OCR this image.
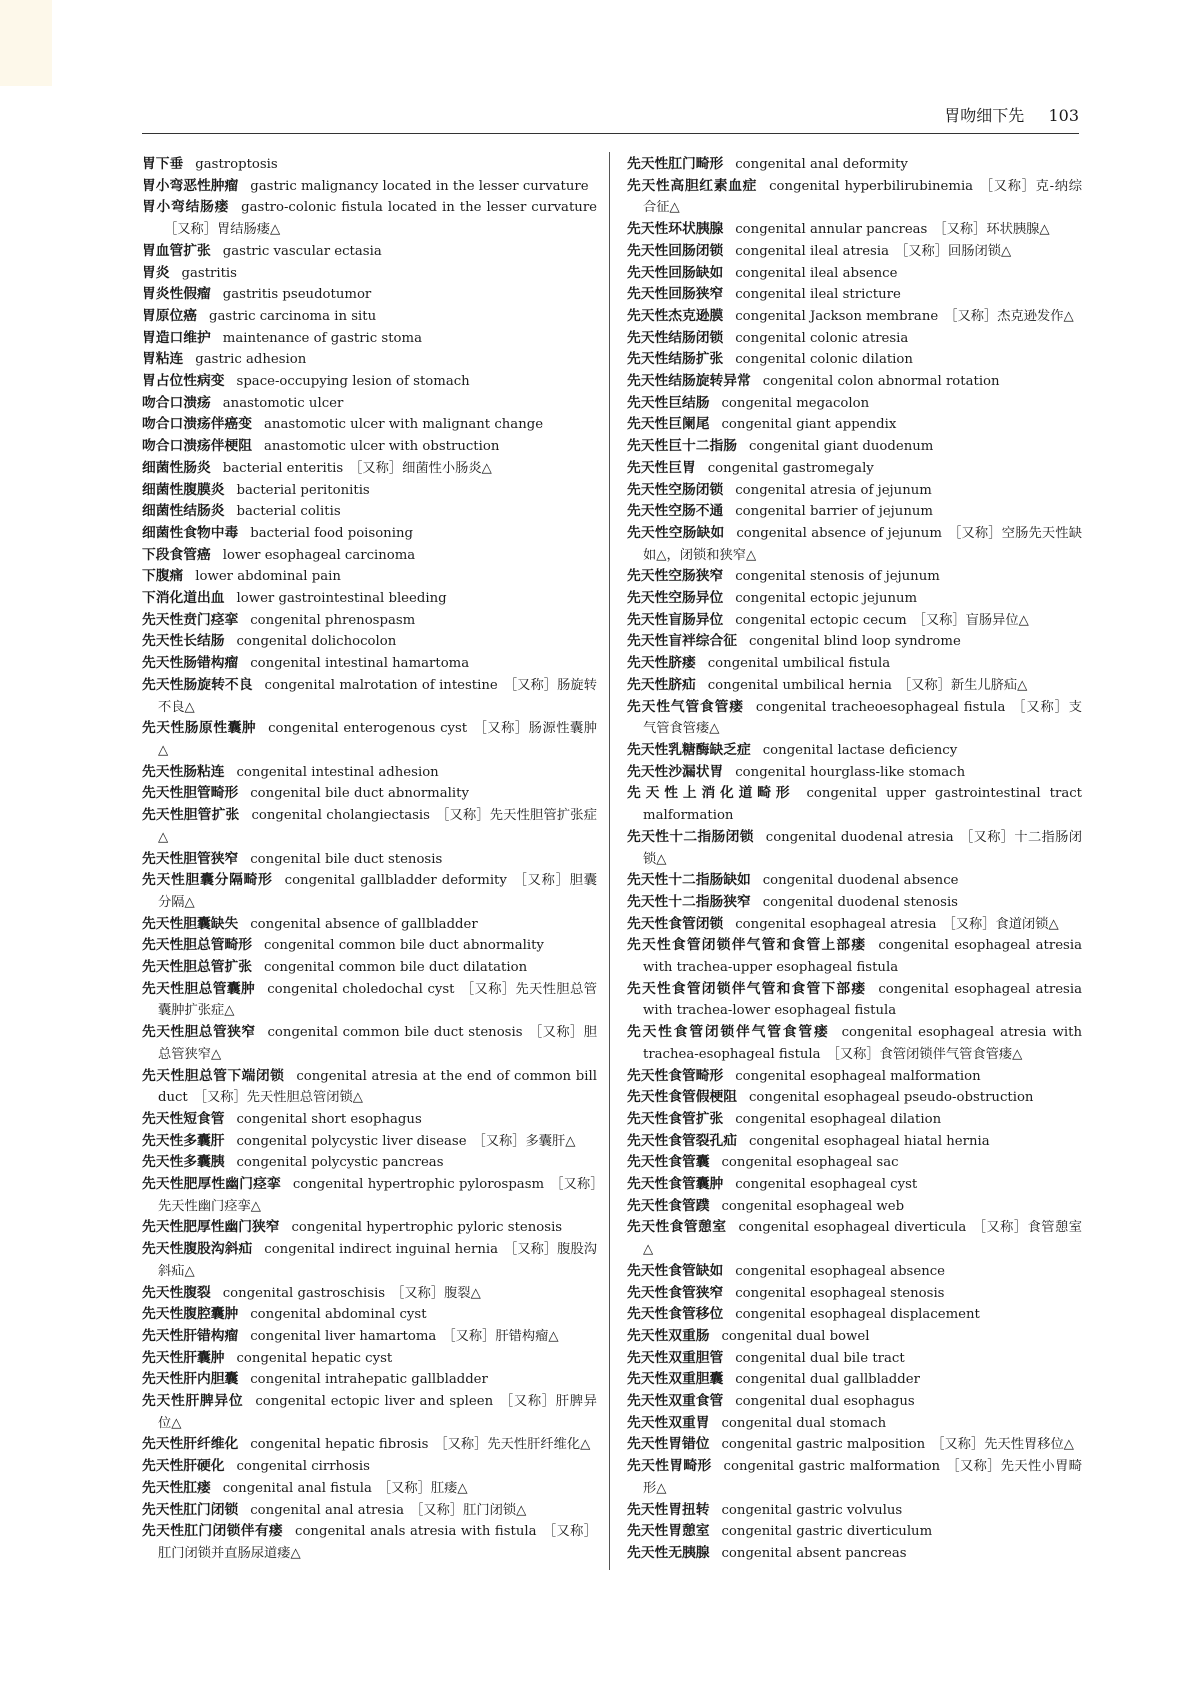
胃吻细下先 103
胃下垂 gastroptosis
胃小弯恶性肿瘤 gastric malignancy located in the lesser curvature
胃小弯结肠瘘 gastro-colonic fistula located in the lesser curvature［又称］胃结肠瘘△
胃血管扩张 gastric vascular ectasia
胃炎 gastritis
胃炎性假瘤 gastritis pseudotumor
胃原位癌 gastric carcinoma in situ
胃造口维护 maintenance of gastric stoma
胃粘连 gastric adhesion
胃占位性病变 space-occupying lesion of stomach
吻合口溃疡 anastomotic ulcer
吻合口溃疡伴癌变 anastomotic ulcer with malignant change
吻合口溃疡伴梗阻 anastomotic ulcer with obstruction
细菌性肠炎 bacterial enteritis ［又称］细菌性小肠炎△
细菌性腹膜炎 bacterial peritonitis
细菌性结肠炎 bacterial colitis
细菌性食物中毒 bacterial food poisoning
下段食管癌 lower esophageal carcinoma
下腹痛 lower abdominal pain
下消化道出血 lower gastrointestinal bleeding
先天性贲门痉挛 congenital phrenospasm
先天性长结肠 congenital dolichocolon
先天性肠错构瘤 congenital intestinal hamartoma
先天性肠旋转不良 congenital malrotation of intestine ［又称］肠旋转不良△
先天性肠原性囊肿 congenital enterogenous cyst ［又称］肠源性囊肿△
先天性肠粘连 congenital intestinal adhesion
先天性胆管畸形 congenital bile duct abnormality
先天性胆管扩张 congenital cholangiectasis ［又称］先天性胆管扩张症△
先天性胆管狭窄 congenital bile duct stenosis
先天性胆囊分隔畸形 congenital gallbladder deformity ［又称］胆囊分隔△
先天性胆囊缺失 congenital absence of gallbladder
先天性胆总管畸形 congenital common bile duct abnormality
先天性胆总管扩张 congenital common bile duct dilatation
先天性胆总管囊肿 congenital choledochal cyst ［又称］先天性胆总管囊肿扩张症△
先天性胆总管狭窄 congenital common bile duct stenosis ［又称］胆总管狭窄△
先天性胆总管下端闭锁 congenital atresia at the end of common bill duct ［又称］先天性胆总管闭锁△
先天性短食管 congenital short esophagus
先天性多囊肝 congenital polycystic liver disease ［又称］多囊肝△
先天性多囊胰 congenital polycystic pancreas
先天性肥厚性幽门痉挛 congenital hypertrophic pylorospasm ［又称］先天性幽门痉挛△
先天性肥厚性幽门狭窄 congenital hypertrophic pyloric stenosis
先天性腹股沟斜疝 congenital indirect inguinal hernia ［又称］腹股沟斜疝△
先天性腹裂 congenital gastroschisis ［又称］腹裂△
先天性腹腔囊肿 congenital abdominal cyst
先天性肝错构瘤 congenital liver hamartoma ［又称］肝错构瘤△
先天性肝囊肿 congenital hepatic cyst
先天性肝内胆囊 congenital intrahepatic gallbladder
先天性肝脾异位 congenital ectopic liver and spleen ［又称］肝脾异位△
先天性肝纤维化 congenital hepatic fibrosis ［又称］先天性肝纤维化△
先天性肝硬化 congenital cirrhosis
先天性肛瘘 congenital anal fistula ［又称］肛瘘△
先天性肛门闭锁 congenital anal atresia ［又称］肛门闭锁△
先天性肛门闭锁伴有瘘 congenital anals atresia with fistula ［又称］肛门闭锁并直肠尿道瘘△
先天性肛门畸形 congenital anal deformity
先天性高胆红素血症 congenital hyperbilirubinemia ［又称］克-纳综合征△
先天性环状胰腺 congenital annular pancreas ［又称］环状胰腺△
先天性回肠闭锁 congenital ileal atresia ［又称］回肠闭锁△
先天性回肠缺如 congenital ileal absence
先天性回肠狭窄 congenital ileal stricture
先天性杰克逊膜 congenital Jackson membrane ［又称］杰克逊发作△
先天性结肠闭锁 congenital colonic atresia
先天性结肠扩张 congenital colonic dilation
先天性结肠旋转异常 congenital colon abnormal rotation
先天性巨结肠 congenital megacolon
先天性巨阑尾 congenital giant appendix
先天性巨十二指肠 congenital giant duodenum
先天性巨胃 congenital gastromegaly
先天性空肠闭锁 congenital atresia of jejunum
先天性空肠不通 congenital barrier of jejunum
先天性空肠缺如 congenital absence of jejunum ［又称］空肠先天性缺如△，闭锁和狭窄△
先天性空肠狭窄 congenital stenosis of jejunum
先天性空肠异位 congenital ectopic jejunum
先天性盲肠异位 congenital ectopic cecum ［又称］盲肠异位△
先天性盲袢综合征 congenital blind loop syndrome
先天性脐瘘 congenital umbilical fistula
先天性脐疝 congenital umbilical hernia ［又称］新生儿脐疝△
先天性气管食管瘘 congenital tracheoesophageal fistula ［又称］支气管食管瘘△
先天性乳糖酶缺乏症 congenital lactase deficiency
先天性沙漏状胃 congenital hourglass-like stomach
先天性上消化道畸形 congenital upper gastrointestinal tract malformation
先天性十二指肠闭锁 congenital duodenal atresia ［又称］十二指肠闭锁△
先天性十二指肠缺如 congenital duodenal absence
先天性十二指肠狭窄 congenital duodenal stenosis
先天性食管闭锁 congenital esophageal atresia ［又称］食道闭锁△
先天性食管闭锁伴气管和食管上部瘘 congenital esophageal atresia with trachea-upper esophageal fistula
先天性食管闭锁伴气管和食管下部瘘 congenital esophageal atresia with trachea-lower esophageal fistula
先天性食管闭锁伴气管食管瘘 congenital esophageal atresia with trachea-esophageal fistula ［又称］食管闭锁伴气管食管瘘△
先天性食管畸形 congenital esophageal malformation
先天性食管假梗阻 congenital esophageal pseudo-obstruction
先天性食管扩张 congenital esophageal dilation
先天性食管裂孔疝 congenital esophageal hiatal hernia
先天性食管囊 congenital esophageal sac
先天性食管囊肿 congenital esophageal cyst
先天性食管蹼 congenital esophageal web
先天性食管憩室 congenital esophageal diverticula ［又称］食管憩室△
先天性食管缺如 congenital esophageal absence
先天性食管狭窄 congenital esophageal stenosis
先天性食管移位 congenital esophageal displacement
先天性双重肠 congenital dual bowel
先天性双重胆管 congenital dual bile tract
先天性双重胆囊 congenital dual gallbladder
先天性双重食管 congenital dual esophagus
先天性双重胃 congenital dual stomach
先天性胃错位 congenital gastric malposition ［又称］先天性胃移位△
先天性胃畸形 congenital gastric malformation ［又称］先天性小胃畸形△
先天性胃扭转 congenital gastric volvulus
先天性胃憩室 congenital gastric diverticulum
先天性无胰腺 congenital absent pancreas
